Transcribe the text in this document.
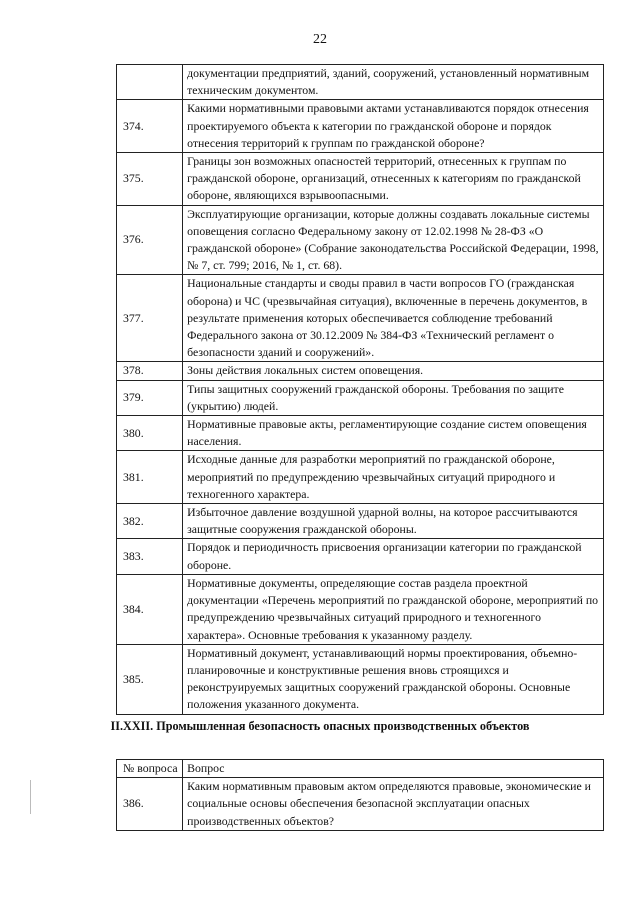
22
	документации предприятий, зданий, сооружений, установленный нормативным техническим документом.
374.	Какими нормативными правовыми актами устанавливаются порядок отнесения проектируемого объекта к категории по гражданской обороне и порядок отнесения территорий к группам по гражданской обороне?
375.	Границы зон возможных опасностей территорий, отнесенных к группам по гражданской обороне, организаций, отнесенных к категориям по гражданской обороне, являющихся взрывоопасными.
376.	Эксплуатирующие организации, которые должны создавать локальные системы оповещения согласно Федеральному закону от 12.02.1998 № 28-ФЗ «О гражданской обороне» (Собрание законодательства Российской Федерации, 1998, № 7, ст. 799; 2016, № 1, ст. 68).
377.	Национальные стандарты и своды правил в части вопросов ГО (гражданская оборона) и ЧС (чрезвычайная ситуация), включенные в перечень документов, в результате применения которых обеспечивается соблюдение требований Федерального закона от 30.12.2009 № 384-ФЗ «Технический регламент о безопасности зданий и сооружений».
378.	Зоны действия локальных систем оповещения.
379.	Типы защитных сооружений гражданской обороны. Требования по защите (укрытию) людей.
380.	Нормативные правовые акты, регламентирующие создание систем оповещения населения.
381.	Исходные данные для разработки мероприятий по гражданской обороне, мероприятий по предупреждению чрезвычайных ситуаций природного и техногенного характера.
382.	Избыточное давление воздушной ударной волны, на которое рассчитываются защитные сооружения гражданской обороны.
383.	Порядок и периодичность присвоения организации категории по гражданской обороне.
384.	Нормативные документы, определяющие состав раздела проектной документации «Перечень мероприятий по гражданской обороне, мероприятий по предупреждению чрезвычайных ситуаций природного и техногенного характера». Основные требования к указанному разделу.
385.	Нормативный документ, устанавливающий нормы проектирования, объемно-планировочные и конструктивные решения вновь строящихся и реконструируемых защитных сооружений гражданской обороны. Основные положения указанного документа.
II.XXII. Промышленная безопасность опасных производственных объектов
№ вопроса	Вопрос
386.	Каким нормативным правовым актом определяются правовые, экономические и социальные основы обеспечения безопасной эксплуатации опасных производственных объектов?
